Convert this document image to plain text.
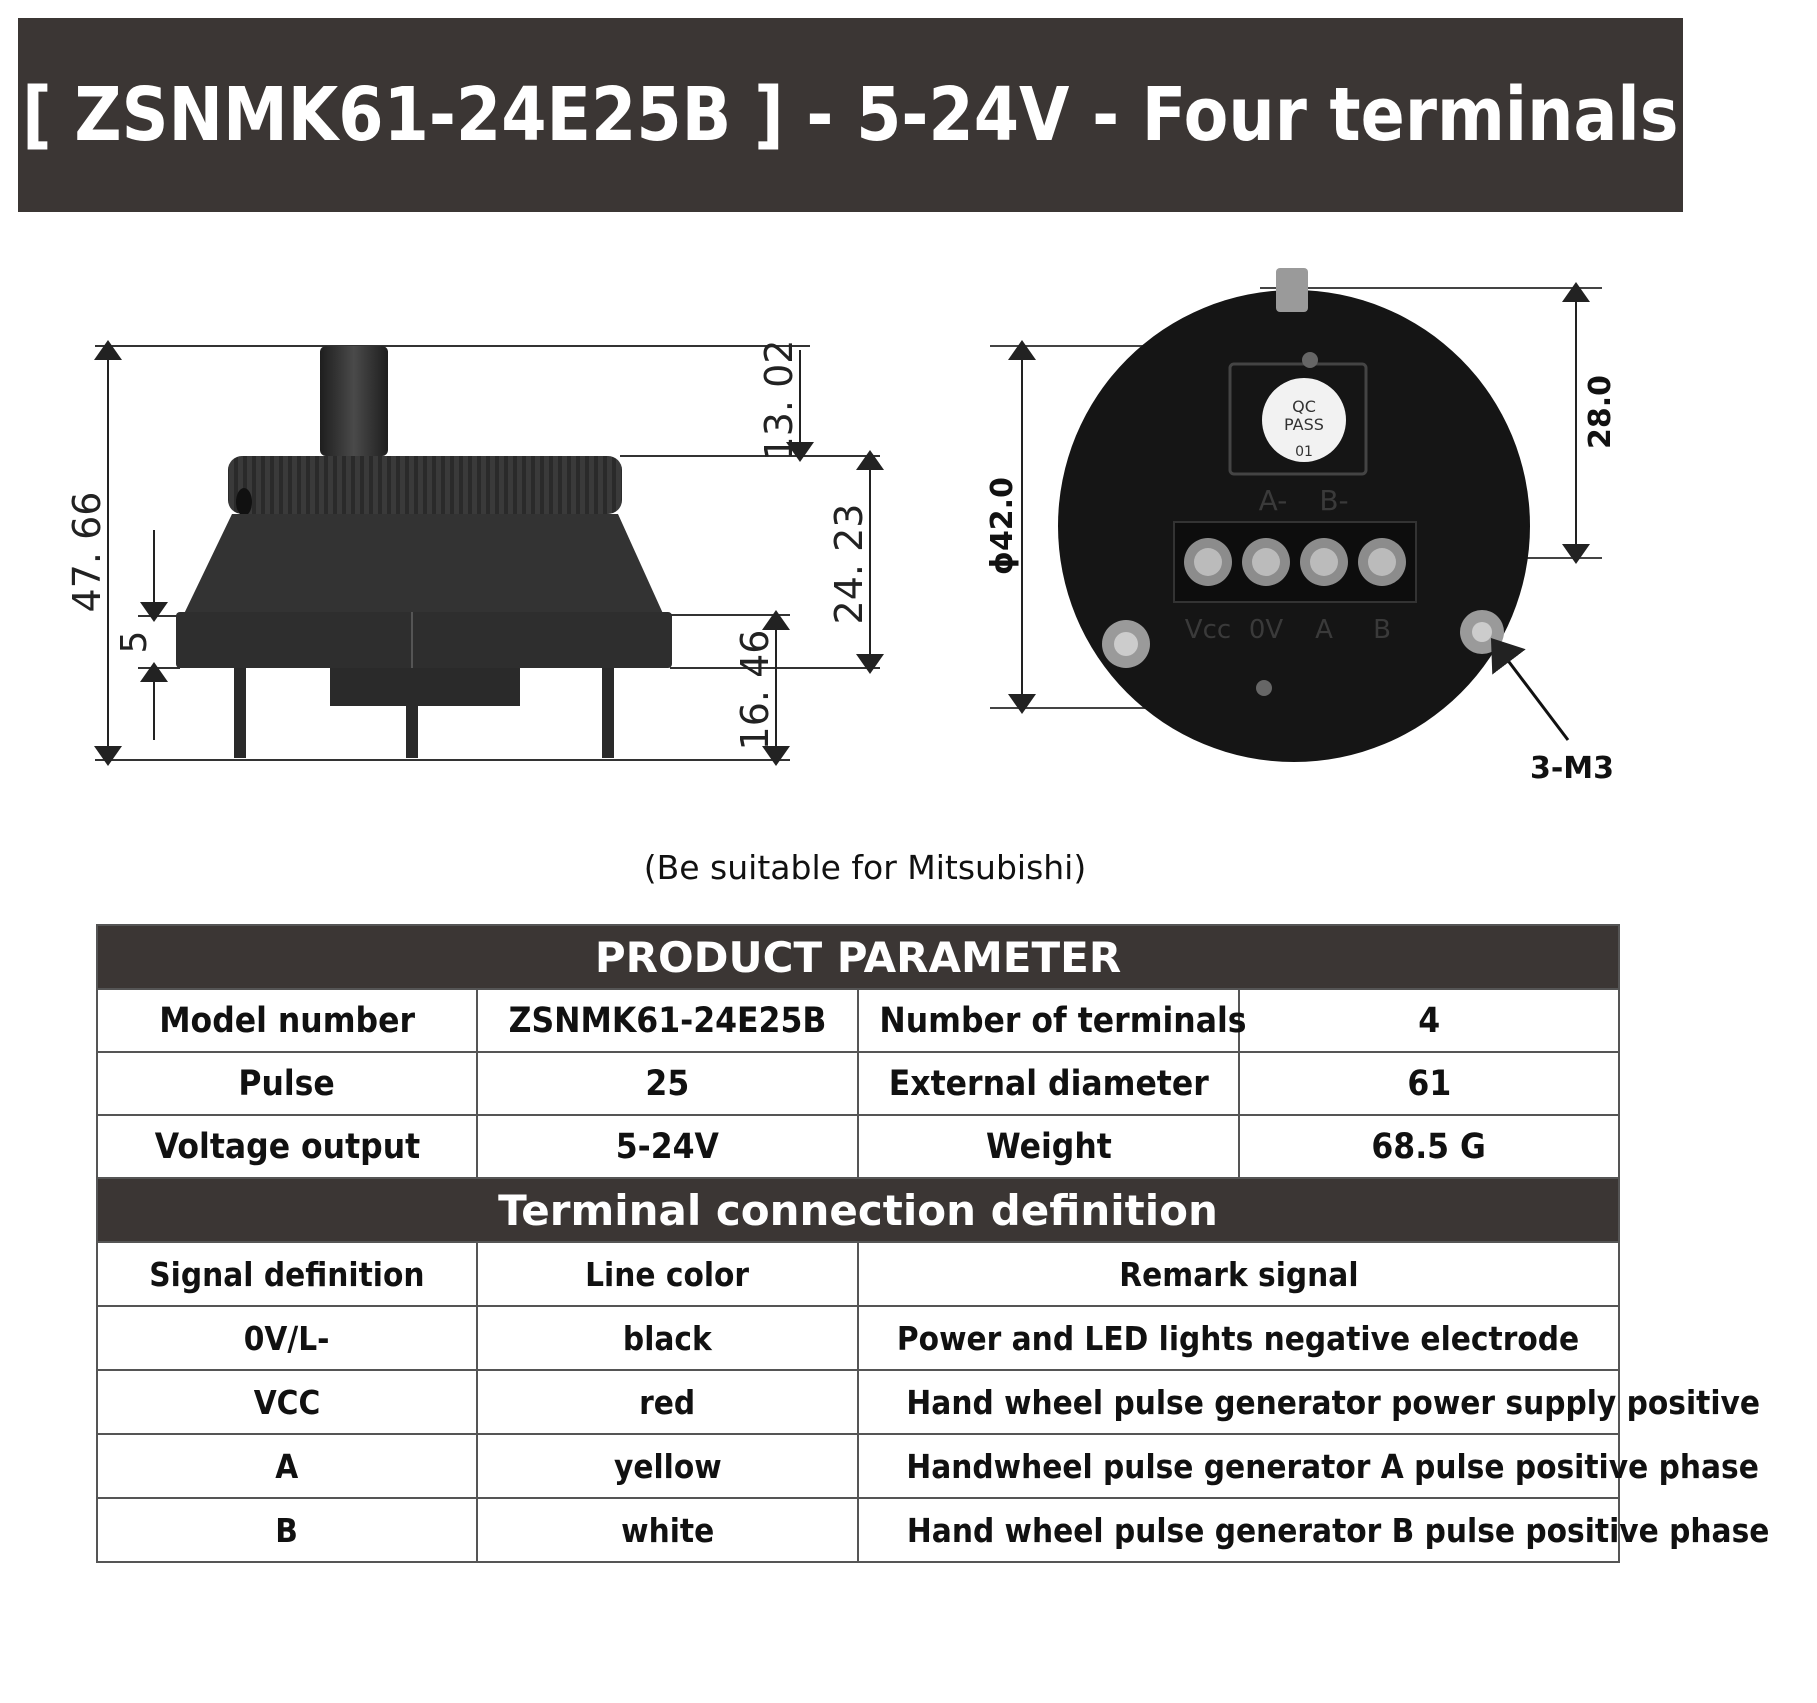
[ ZSNMK61-24E25B ] - 5-24V - Four terminals
47. 66
5
13. 02
24. 23
16. 46
ϕ42.0
28.0
QC
PASS
01
A- B-
Vcc 0V A B
3-M3
(Be suitable for Mitsubishi)
PRODUCT PARAMETER			
Model number	ZSNMK61-24E25B	Number of terminals	4
Pulse	25	External diameter	61
Voltage output	5-24V	Weight	68.5 G
Terminal connection definition			
Signal definition	Line color	Remark signal	
0V/L-	black	Power and LED lights negative electrode	
VCC	red	Hand wheel pulse generator power supply positive	
A	yellow	Handwheel pulse generator A pulse positive phase	
B	white	Hand wheel pulse generator B pulse positive phase	
